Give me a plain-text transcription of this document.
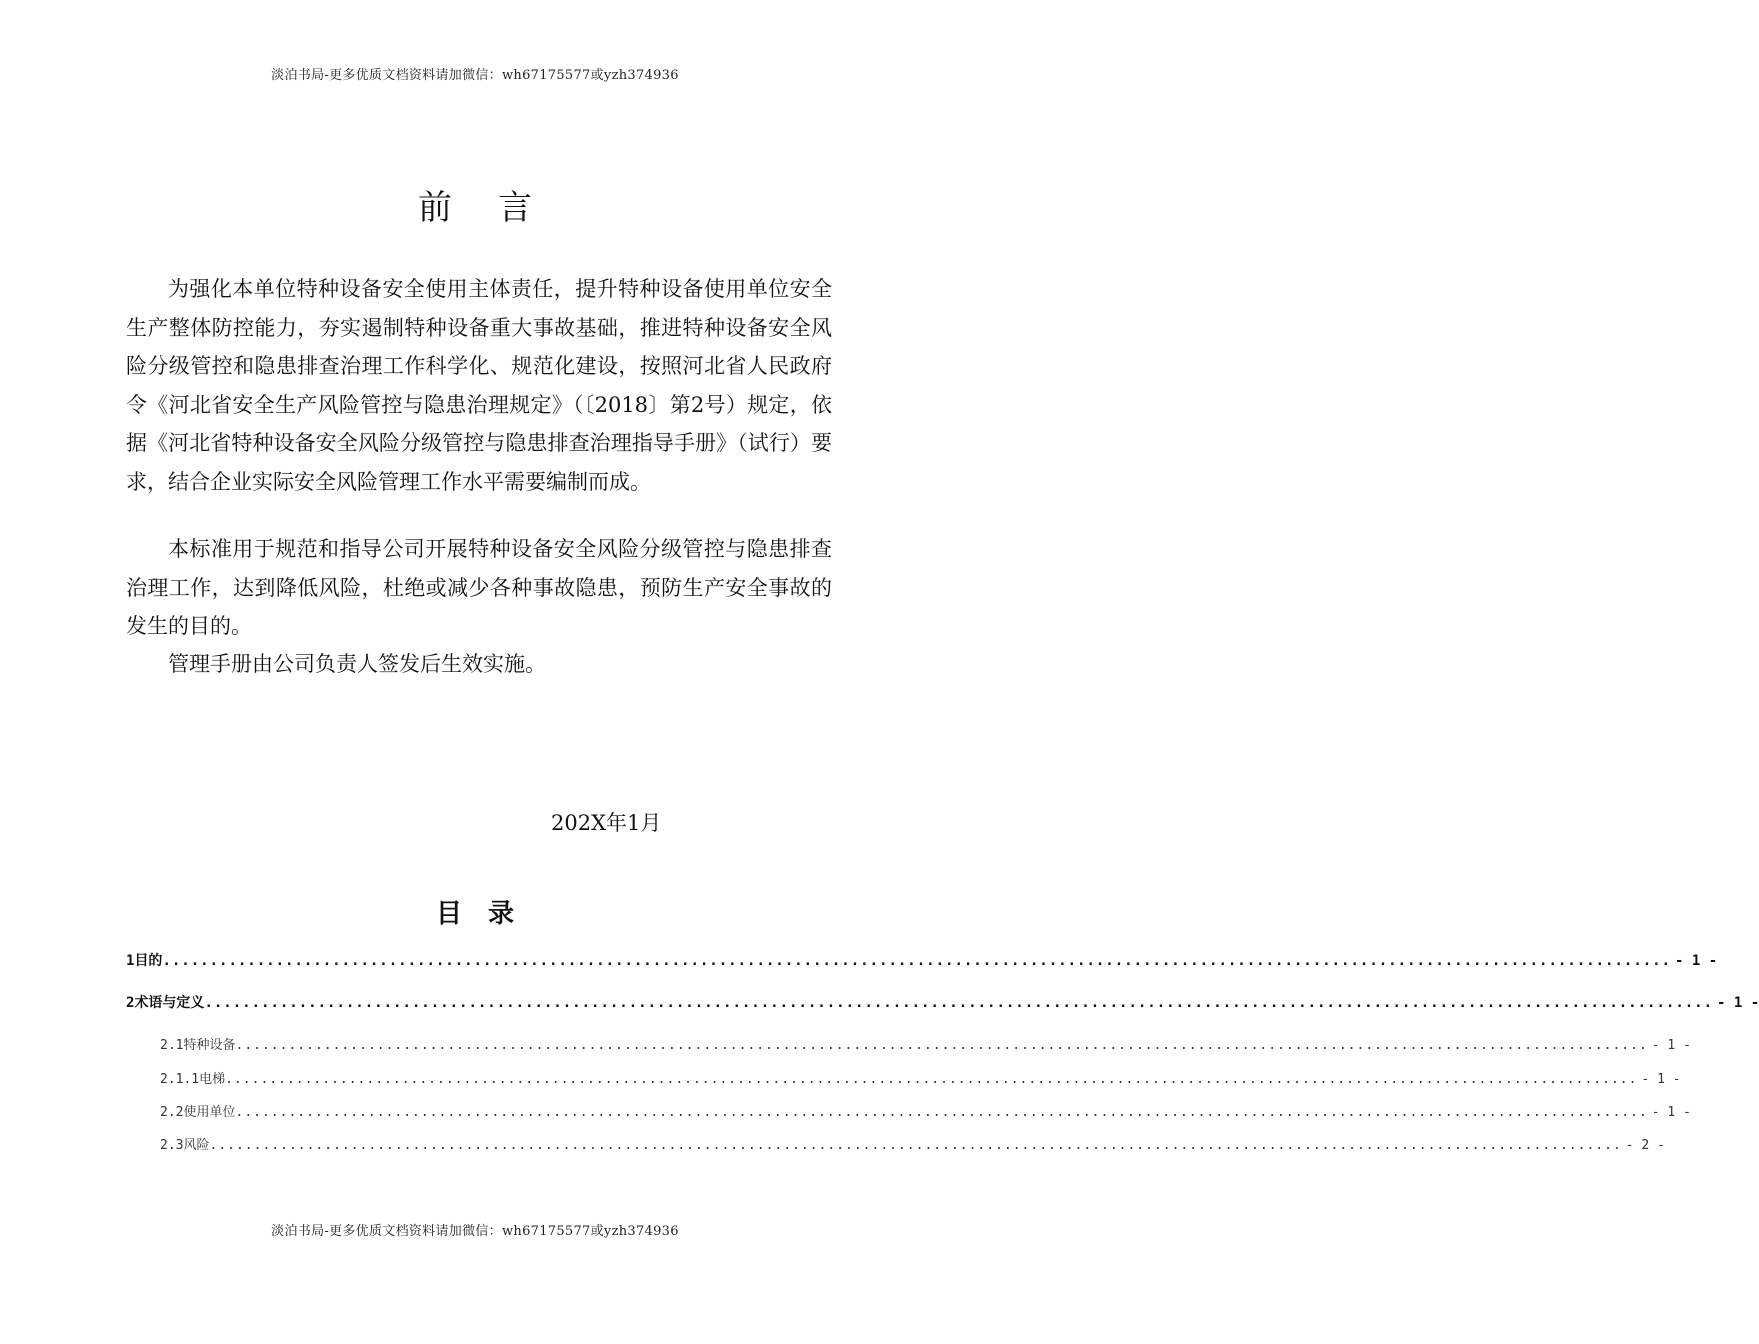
淡泊书局-更多优质文档资料请加微信：wh67175577或yzh374936
前言

为强化本单位特种设备安全使用主体责任，提升特种设备使用单位安全生产整体防控能力，夯实遏制特种设备重大事故基础，推进特种设备安全风险分级管控和隐患排查治理工作科学化、规范化建设，按照河北省人民政府令《河北省安全生产风险管控与隐患治理规定》（〔2018〕第2号）规定，依据《河北省特种设备安全风险分级管控与隐患排查治理指导手册》（试行）要求，结合企业实际安全风险管理工作水平需要编制而成。

本标准用于规范和指导公司开展特种设备安全风险分级管控与隐患排查治理工作，达到降低风险，杜绝或减少各种事故隐患，预防生产安全事故的发生的目的。

管理手册由公司负责人签发后生效实施。

202X年1月
目录
1 目的 ................................................................................................................................................................ - 1 -
2 术语与定义 ................................................................................................................................................................ - 1 -
2.1 特种设备 ................................................................................................................................................................ - 1 -
2.1.1 电梯 ................................................................................................................................................................ - 1 -
2.2 使用单位 ................................................................................................................................................................ - 1 -
2.3 风险 ................................................................................................................................................................ - 2 -
淡泊书局-更多优质文档资料请加微信：wh67175577或yzh374936
